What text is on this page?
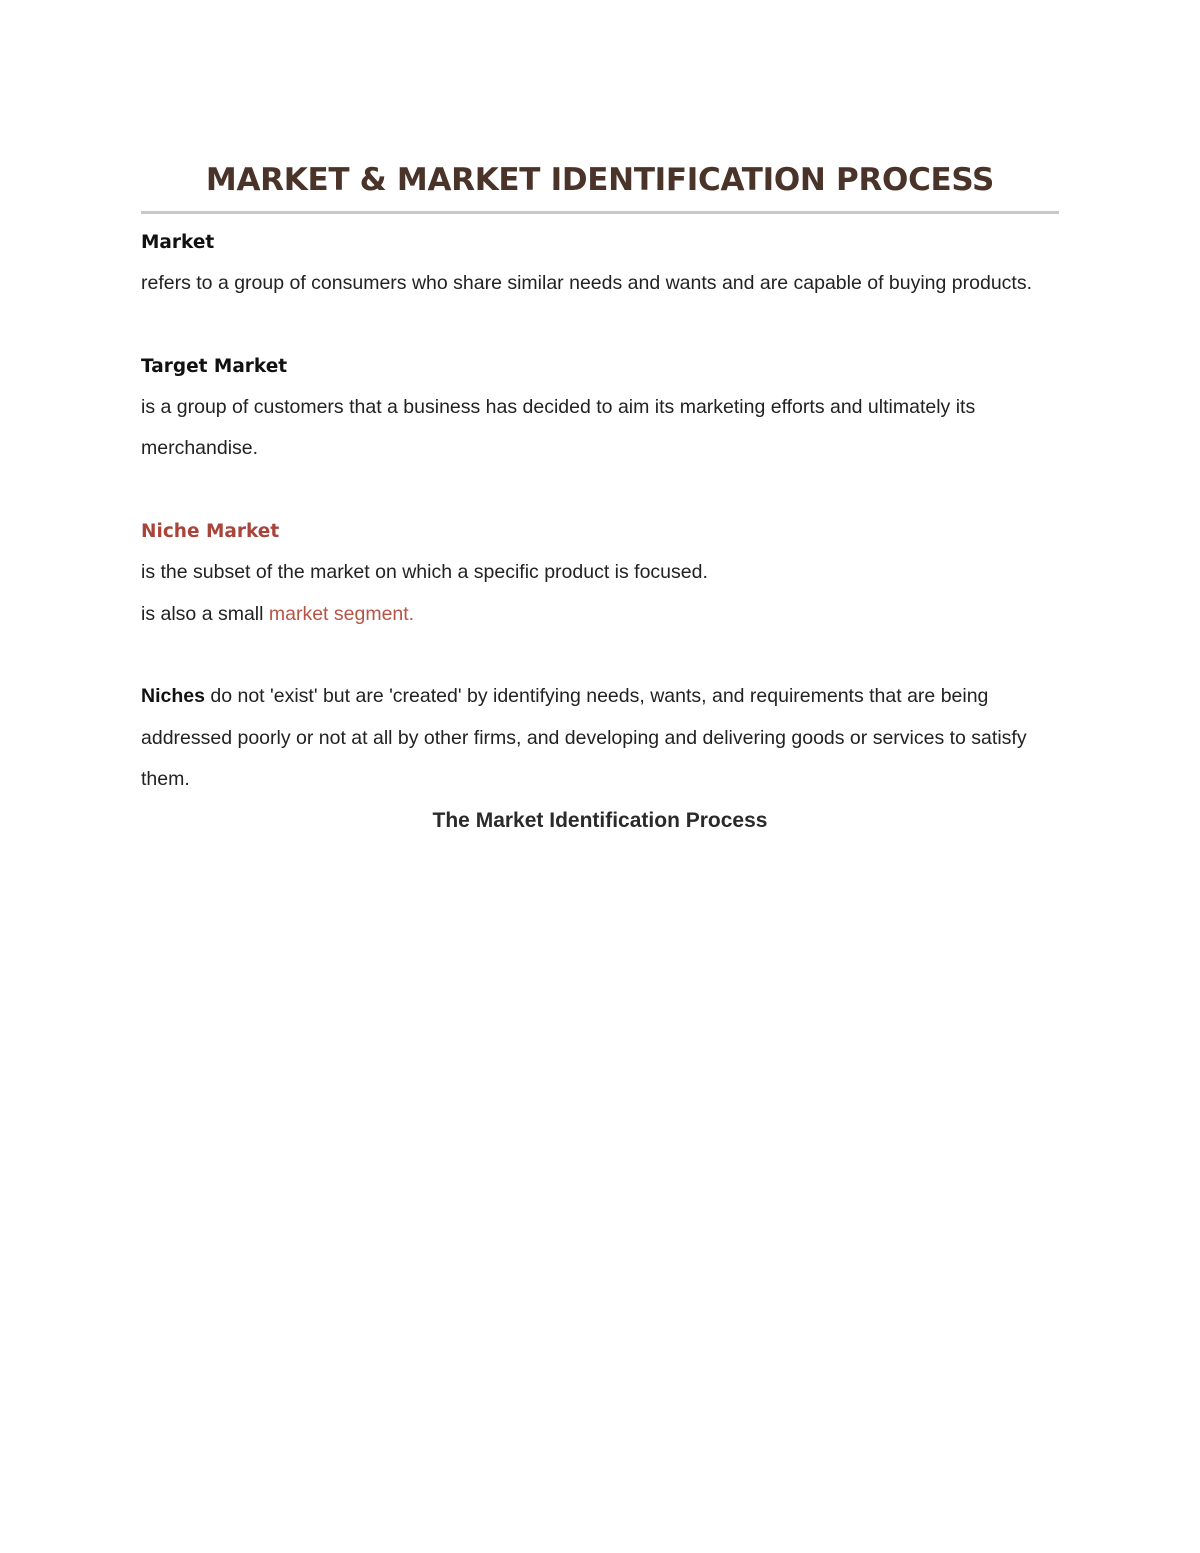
MARKET & MARKET IDENTIFICATION PROCESS

Market

refers to a group of consumers who share similar needs and wants and are capable of buying products.

Target Market

is a group of customers that a business has decided to aim its marketing efforts and ultimately its merchandise.

Niche Market

is the subset of the market on which a specific product is focused.

is also a small market segment.

Niches do not 'exist' but are 'created' by identifying needs, wants, and requirements that are being addressed poorly or not at all by other firms, and developing and delivering goods or services to satisfy them.

The Market Identification Process
